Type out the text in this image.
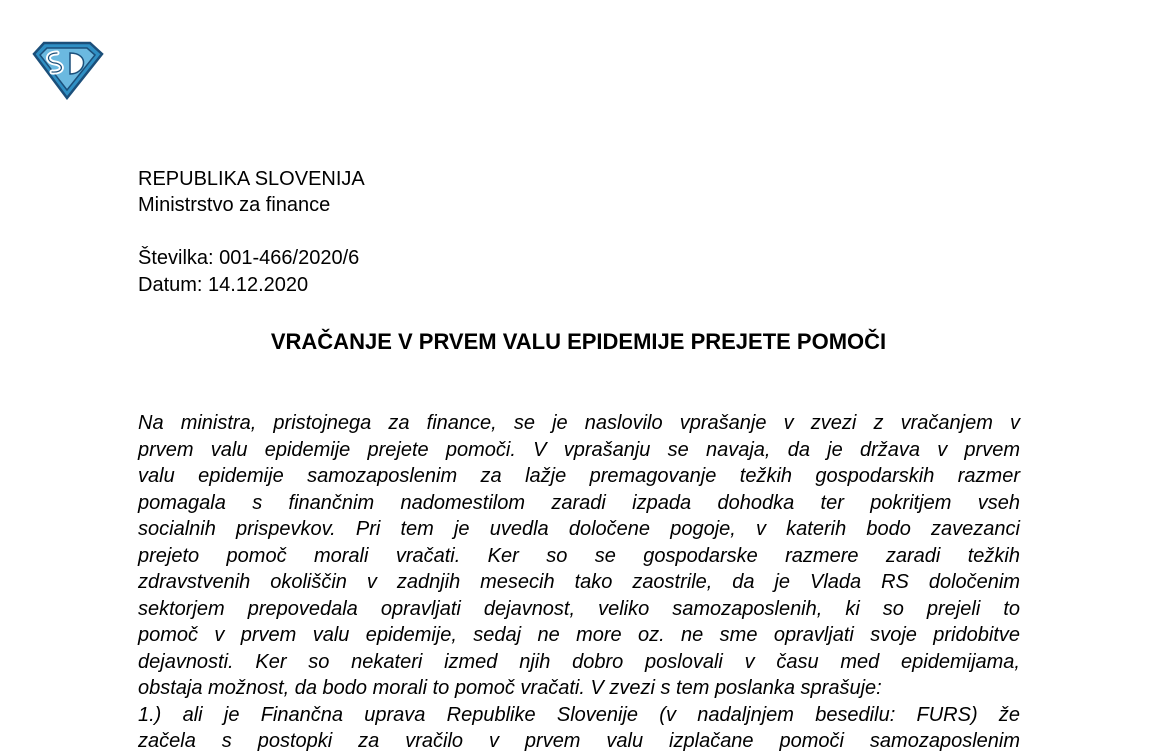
REPUBLIKA SLOVENIJA
Ministrstvo za finance
Številka: 001-466/2020/6
Datum: 14.12.2020
VRAČANJE V PRVEM VALU EPIDEMIJE PREJETE POMOČI
Na ministra, pristojnega za finance, se je naslovilo vprašanje v zvezi z vračanjem v
prvem valu epidemije prejete pomoči. V vprašanju se navaja, da je država v prvem
valu epidemije samozaposlenim za lažje premagovanje težkih gospodarskih razmer
pomagala s finančnim nadomestilom zaradi izpada dohodka ter pokritjem vseh
socialnih prispevkov. Pri tem je uvedla določene pogoje, v katerih bodo zavezanci
prejeto pomoč morali vračati. Ker so se gospodarske razmere zaradi težkih
zdravstvenih okoliščin v zadnjih mesecih tako zaostrile, da je Vlada RS določenim
sektorjem prepovedala opravljati dejavnost, veliko samozaposlenih, ki so prejeli to
pomoč v prvem valu epidemije, sedaj ne more oz. ne sme opravljati svoje pridobitve
dejavnosti. Ker so nekateri izmed njih dobro poslovali v času med epidemijama,
obstaja možnost, da bodo morali to pomoč vračati. V zvezi s tem poslanka sprašuje:
1.) ali je Finančna uprava Republike Slovenije (v nadaljnjem besedilu: FURS) že
začela s postopki za vračilo v prvem valu izplačane pomoči samozaposlenim
